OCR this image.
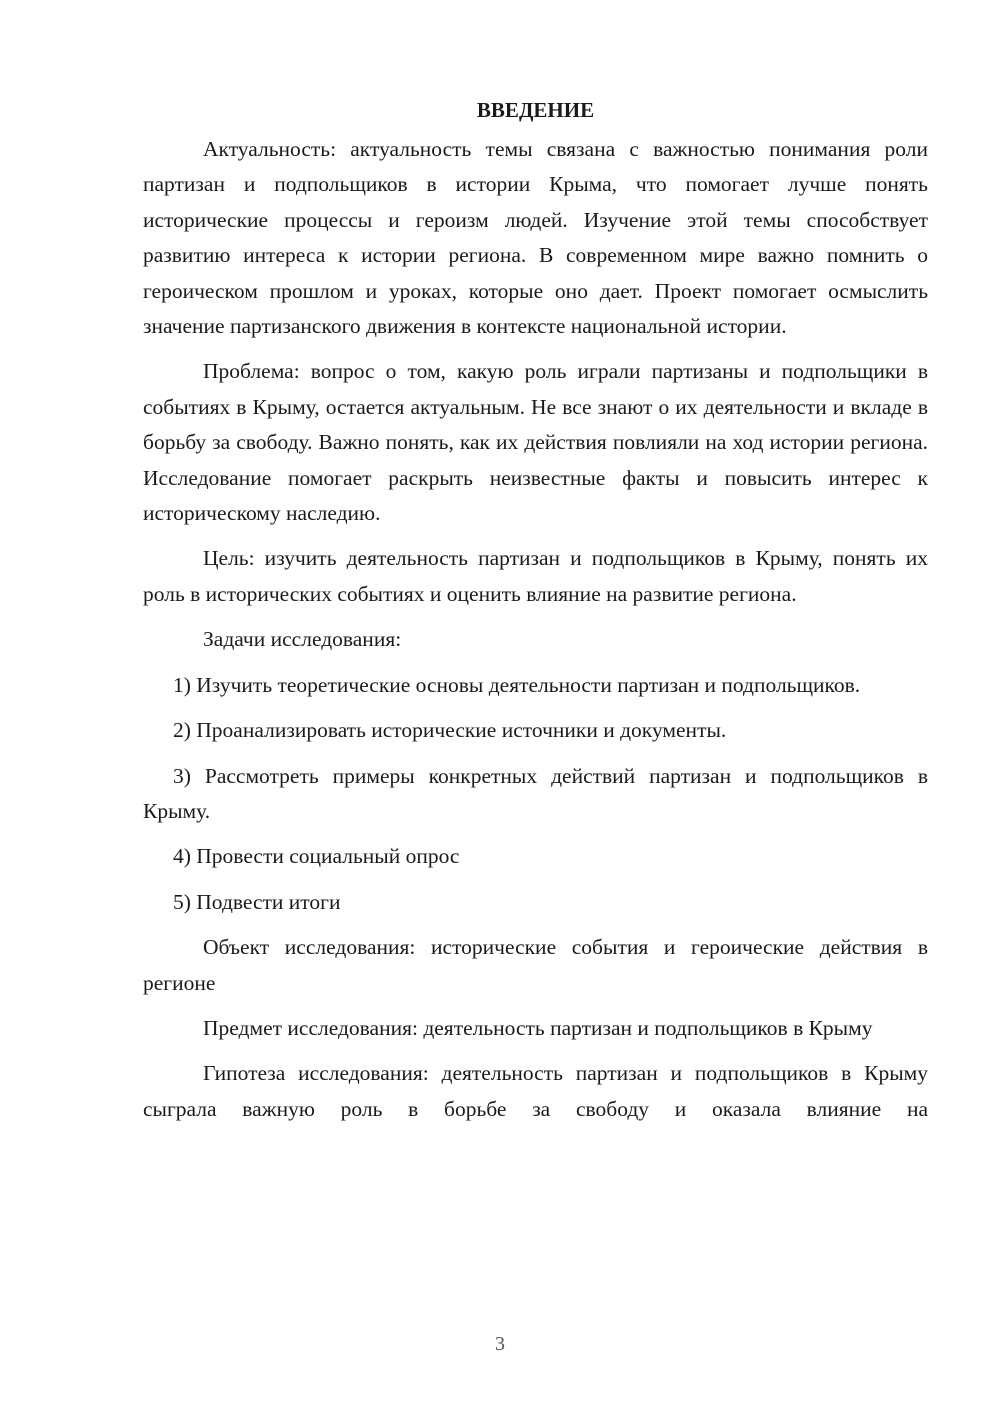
ВВЕДЕНИЕ

Актуальность: актуальность темы связана с важностью понимания роли партизан и подпольщиков в истории Крыма, что помогает лучше понять исторические процессы и героизм людей. Изучение этой темы способствует развитию интереса к истории региона. В современном мире важно помнить о героическом прошлом и уроках, которые оно дает. Проект помогает осмыслить значение партизанского движения в контексте национальной истории.

Проблема: вопрос о том, какую роль играли партизаны и подпольщики в событиях в Крыму, остается актуальным. Не все знают о их деятельности и вкладе в борьбу за свободу. Важно понять, как их действия повлияли на ход истории региона. Исследование помогает раскрыть неизвестные факты и повысить интерес к историческому наследию.

Цель: изучить деятельность партизан и подпольщиков в Крыму, понять их роль в исторических событиях и оценить влияние на развитие региона.

Задачи исследования:

1) Изучить теоретические основы деятельности партизан и подпольщиков.

2) Проанализировать исторические источники и документы.

3) Рассмотреть примеры конкретных действий партизан и подпольщиков в Крыму.

4) Провести социальный опрос

5) Подвести итоги

Объект исследования: исторические события и героические действия в регионе

Предмет исследования: деятельность партизан и подпольщиков в Крыму

Гипотеза исследования: деятельность партизан и подпольщиков в Крыму сыграла важную роль в борьбе за свободу и оказала влияние на

3
